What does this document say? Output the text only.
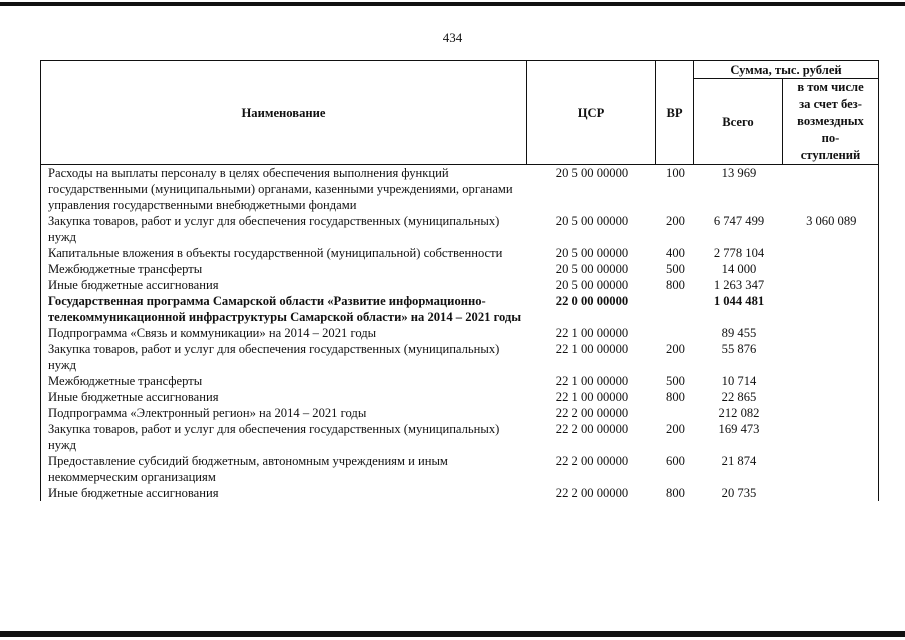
434
Наименование	ЦСР	ВР	Сумма, тыс. рублей	
			Всего	в том числе
за счет без-
возмездных
по-
ступлений
Расходы на выплаты персоналу в целях обеспечения выполнения функций государственными (муниципальными) органами, казенными учреждениями, органами управления государственными внебюджетными фондами	20 5 00 00000	100	13 969	
Закупка товаров, работ и услуг для обеспечения государственных (муниципальных) нужд	20 5 00 00000	200	6 747 499	3 060 089
Капитальные вложения в объекты государственной (муниципальной) собственности	20 5 00 00000	400	2 778 104	
Межбюджетные трансферты	20 5 00 00000	500	14 000	
Иные бюджетные ассигнования	20 5 00 00000	800	1 263 347	
Государственная программа Самарской области «Развитие информационно-телекоммуникационной инфраструктуры Самарской области» на 2014 – 2021 годы	22 0 00 00000		1 044 481	
Подпрограмма «Связь и коммуникации» на 2014 – 2021 годы	22 1 00 00000		89 455	
Закупка товаров, работ и услуг для обеспечения государственных (муниципальных) нужд	22 1 00 00000	200	55 876	
Межбюджетные трансферты	22 1 00 00000	500	10 714	
Иные бюджетные ассигнования	22 1 00 00000	800	22 865	
Подпрограмма «Электронный регион» на 2014 – 2021 годы	22 2 00 00000		212 082	
Закупка товаров, работ и услуг для обеспечения государственных (муниципальных) нужд	22 2 00 00000	200	169 473	
Предоставление субсидий бюджетным, автономным учреждениям и иным некоммерческим организациям	22 2 00 00000	600	21 874	
Иные бюджетные ассигнования	22 2 00 00000	800	20 735	
